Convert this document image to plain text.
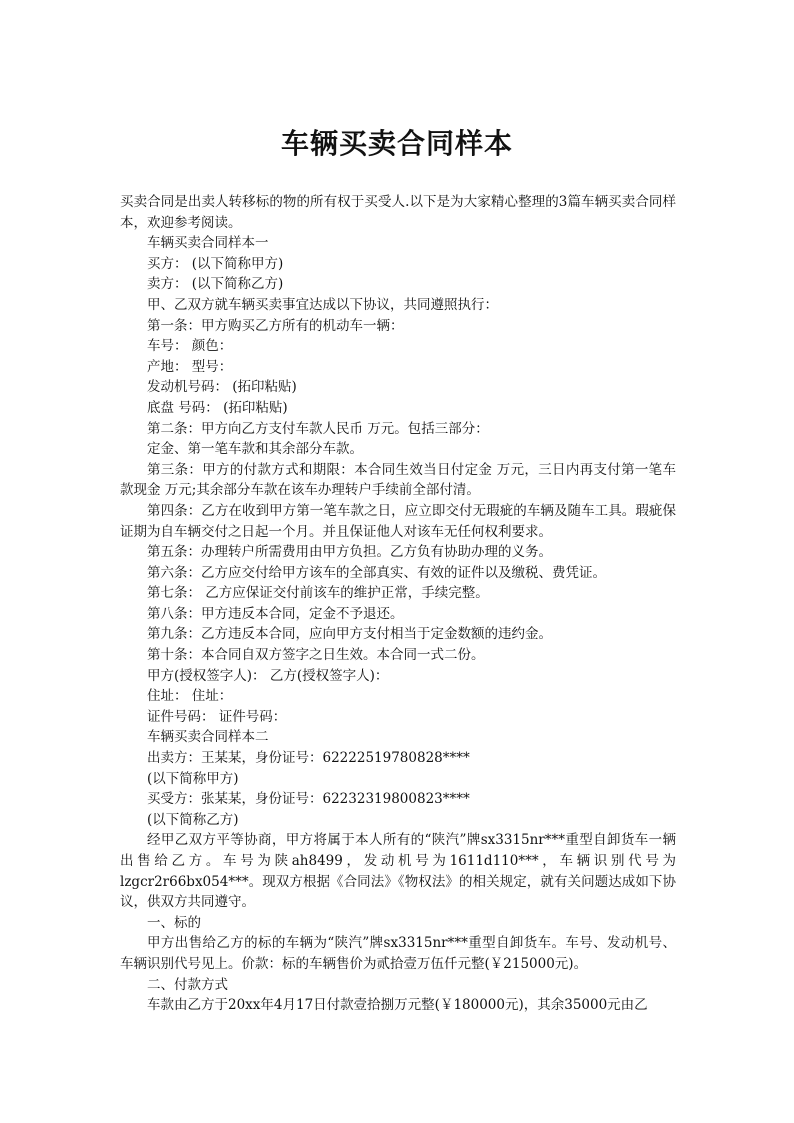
车辆买卖合同样本

买卖合同是出卖人转移标的物的所有权于买受人.以下是为大家精心整理的3篇车辆买卖合同样本，欢迎参考阅读。

车辆买卖合同样本一

买方： (以下简称甲方)

卖方： (以下简称乙方)

甲、乙双方就车辆买卖事宜达成以下协议，共同遵照执行：

第一条：甲方购买乙方所有的机动车一辆：

车号： 颜色：

产地： 型号：

发动机号码： (拓印粘贴)

底盘 号码： (拓印粘贴)

第二条：甲方向乙方支付车款人民币 万元。包括三部分：

定金、第一笔车款和其余部分车款。

第三条：甲方的付款方式和期限：本合同生效当日付定金 万元，三日内再支付第一笔车款现金 万元;其余部分车款在该车办理转户手续前全部付清。

第四条：乙方在收到甲方第一笔车款之日，应立即交付无瑕疵的车辆及随车工具。瑕疵保证期为自车辆交付之日起一个月。并且保证他人对该车无任何权利要求。

第五条：办理转户所需费用由甲方负担。乙方负有协助办理的义务。

第六条：乙方应交付给甲方该车的全部真实、有效的证件以及缴税、费凭证。

第七条： 乙方应保证交付前该车的维护正常，手续完整。

第八条：甲方违反本合同，定金不予退还。

第九条：乙方违反本合同，应向甲方支付相当于定金数额的违约金。

第十条：本合同自双方签字之日生效。本合同一式二份。

甲方(授权签字人)： 乙方(授权签字人)：

住址： 住址：

证件号码： 证件号码：

车辆买卖合同样本二

出卖方：王某某，身份证号：62222519780828****

(以下简称甲方)

买受方：张某某，身份证号：62232319800823****

(以下简称乙方)

经甲乙双方平等协商，甲方将属于本人所有的“陕汽”牌sx3315nr***重型自卸货车一辆出售给乙方。车号为陕ah8499，发动机号为1611d110***，车辆识别代号为lzgcr2r66bx054***。现双方根据《合同法》《物权法》的相关规定，就有关问题达成如下协议，供双方共同遵守。

一、标的

甲方出售给乙方的标的车辆为“陕汽”牌sx3315nr***重型自卸货车。车号、发动机号、车辆识别代号见上。价款：标的车辆售价为贰拾壹万伍仟元整(￥215000元)。

二、付款方式

车款由乙方于20xx年4月17日付款壹拾捌万元整(￥180000元)，其余35000元由乙
